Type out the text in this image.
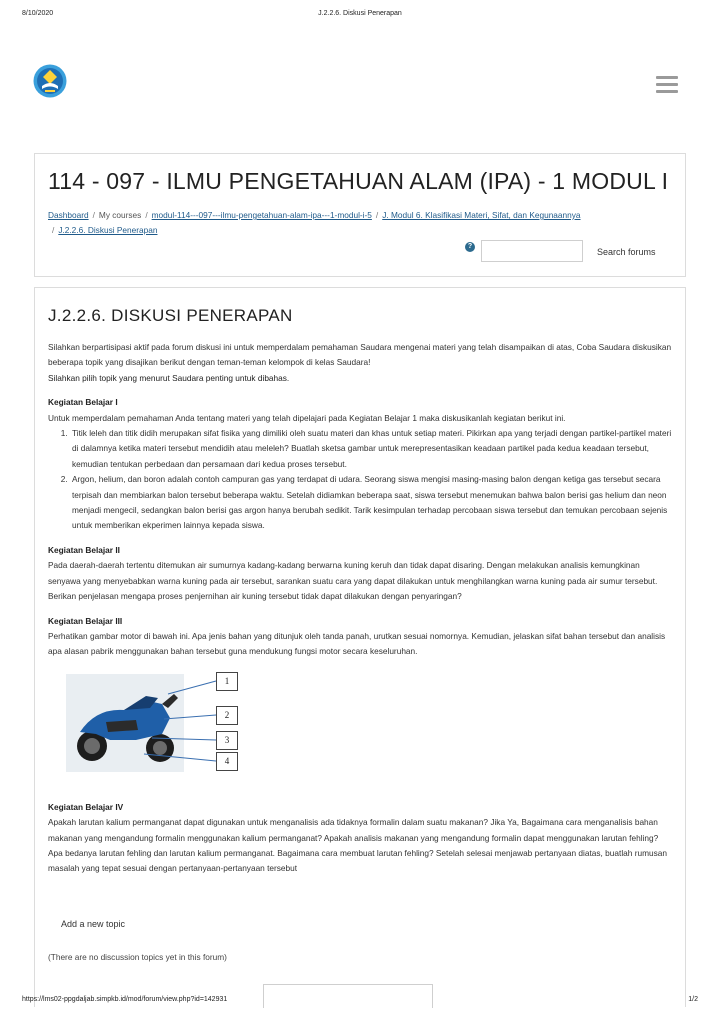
8/10/2020	J.2.2.6. Diskusi Penerapan
114 - 097 - ILMU PENGETAHUAN ALAM (IPA) - 1 MODUL I
Dashboard / My courses / modul-114---097---ilmu-pengetahuan-alam-ipa---1-modul-i-5 / J. Modul 6. Klasifikasi Materi, Sifat, dan Kegunaannya
/ J.2.2.6. Diskusi Penerapan
?
Search forums
J.2.2.6. DISKUSI PENERAPAN

Silahkan berpartisipasi aktif pada forum diskusi ini untuk memperdalam pemahaman Saudara mengenai materi yang telah disampaikan di atas, Coba Saudara diskusikan beberapa topik yang disajikan berikut dengan teman-teman kelompok di kelas Saudara!

Silahkan pilih topik yang menurut Saudara penting untuk dibahas.

Kegiatan Belajar I

Untuk memperdalam pemahaman Anda tentang materi yang telah dipelajari pada Kegiatan Belajar 1 maka diskusikanlah kegiatan berikut ini.

1. Titik leleh dan titik didih merupakan sifat fisika yang dimiliki oleh suatu materi dan khas untuk setiap materi. Pikirkan apa yang terjadi dengan partikel-partikel materi di dalamnya ketika materi tersebut mendidih atau meleleh? Buatlah sketsa gambar untuk merepresentasikan keadaan partikel pada kedua keadaan tersebut, kemudian tentukan perbedaan dan persamaan dari kedua proses tersebut.
2. Argon, helium, dan boron adalah contoh campuran gas yang terdapat di udara. Seorang siswa mengisi masing-masing balon dengan ketiga gas tersebut secara terpisah dan membiarkan balon tersebut beberapa waktu. Setelah didiamkan beberapa saat, siswa tersebut menemukan bahwa balon berisi gas helium dan neon menjadi mengecil, sedangkan balon berisi gas argon hanya berubah sedikit. Tarik kesimpulan terhadap percobaan siswa tersebut dan temukan percobaan sejenis untuk memberikan ekperimen lainnya kepada siswa.

Kegiatan Belajar II

Pada daerah-daerah tertentu ditemukan air sumurnya kadang-kadang berwarna kuning keruh dan tidak dapat disaring. Dengan melakukan analisis kemungkinan senyawa yang menyebabkan warna kuning pada air tersebut, sarankan suatu cara yang dapat dilakukan untuk menghilangkan warna kuning pada air sumur tersebut. Berikan penjelasan mengapa proses penjernihan air kuning tersebut tidak dapat dilakukan dengan penyaringan?

Kegiatan Belajar III

Perhatikan gambar motor di bawah ini. Apa jenis bahan yang ditunjuk oleh tanda panah, urutkan sesuai nomornya. Kemudian, jelaskan sifat bahan tersebut dan analisis apa alasan pabrik menggunakan bahan tersebut guna mendukung fungsi motor secara keseluruhan.

1
2
3
4

Kegiatan Belajar IV

Apakah larutan kalium permanganat dapat digunakan untuk menganalisis ada tidaknya formalin dalam suatu makanan? Jika Ya, Bagaimana cara menganalisis bahan makanan yang mengandung formalin menggunakan kalium permanganat? Apakah analisis makanan yang mengandung formalin dapat menggunakan larutan fehling? Apa bedanya larutan fehling dan larutan kalium permanganat. Bagaimana cara membuat larutan fehling? Setelah selesai menjawab pertanyaan diatas, buatlah rumusan masalah yang tepat sesuai dengan pertanyaan-pertanyaan tersebut

Add a new topic
(There are no discussion topics yet in this forum)
https://lms02-ppgdaljab.simpkb.id/mod/forum/view.php?id=142931	1/2
